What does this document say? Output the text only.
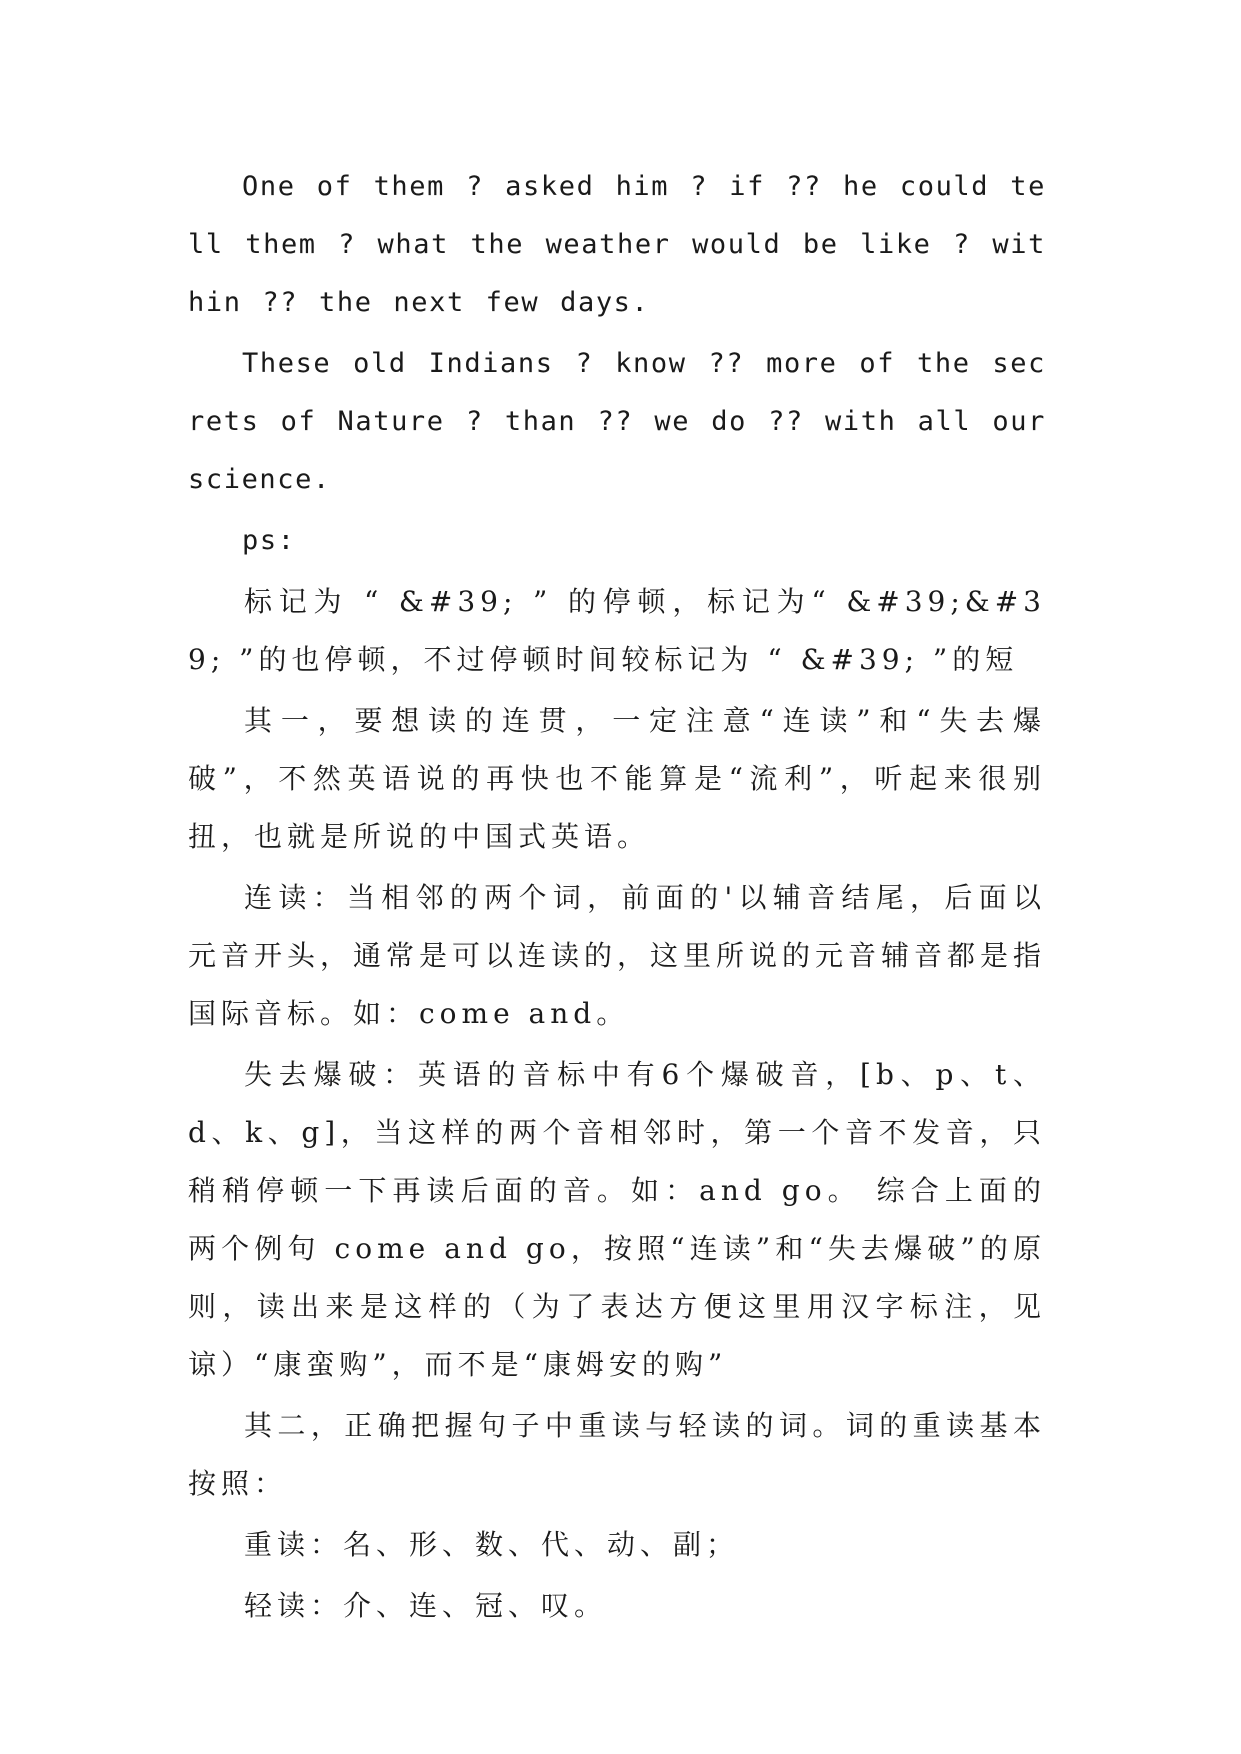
One of them ? asked him ? if ?? he could tell them ? what the weather would be like ? within ?? the next few days.

These old Indians ? know ?? more of the secrets of Nature ? than ?? we do ?? with all our science.

ps:

标记为 “ &#39; ” 的停顿，标记为“ &#39;&#39; ”的也停顿，不过停顿时间较标记为 “ &#39; ”的短

其一，要想读的连贯，一定注意“连读”和“失去爆破”，不然英语说的再快也不能算是“流利”，听起来很别扭，也就是所说的中国式英语。

连读：当相邻的两个词，前面的'以辅音结尾，后面以元音开头，通常是可以连读的，这里所说的元音辅音都是指国际音标。如：come and。

失去爆破：英语的音标中有6个爆破音，[b、p、t、d、k、g]，当这样的两个音相邻时，第一个音不发音，只稍稍停顿一下再读后面的音。如：and go。 综合上面的两个例句 come and go，按照“连读”和“失去爆破”的原则，读出来是这样的（为了表达方便这里用汉字标注，见谅）“康蛮购”，而不是“康姆安的购”

其二，正确把握句子中重读与轻读的词。词的重读基本按照：

重读：名、形、数、代、动、副；

轻读：介、连、冠、叹。
